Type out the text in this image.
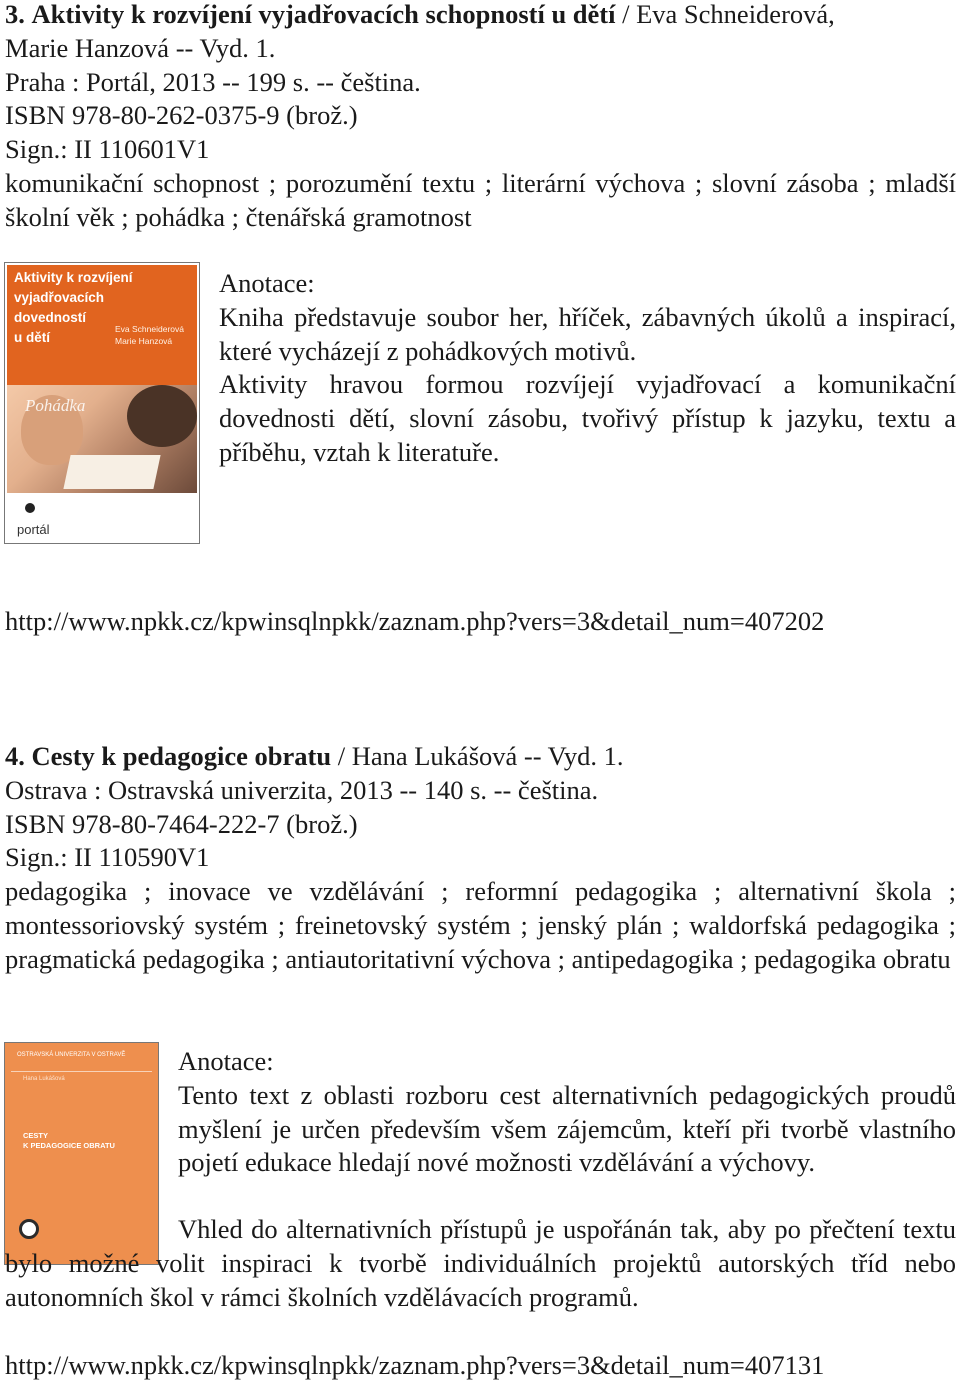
3. Aktivity k rozvíjení vyjadřovacích schopností u dětí / Eva Schneiderová,
Marie Hanzová -- Vyd. 1.
Praha : Portál, 2013 -- 199 s. -- čeština.
ISBN 978-80-262-0375-9 (brož.)
Sign.: II 110601V1
komunikační schopnost ; porozumění textu ; literární výchova ; slovní zásoba ; mladší školní věk ; pohádka ; čtenářská gramotnost
Aktivity k rozvíjení
vyjadřovacích
dovedností
u dětí
Eva Schneiderová
Marie Hanzová
Pohádka
portál
Anotace:
Kniha představuje soubor her, hříček, zábavných úkolů a inspirací, které vycházejí z pohádkových motivů.
Aktivity hravou formou rozvíjejí vyjadřovací a komunikační dovednosti dětí, slovní zásobu, tvořivý přístup k jazyku, textu a příběhu, vztah k literatuře.
http://www.npkk.cz/kpwinsqlnpkk/zaznam.php?vers=3&detail_num=407202
4. Cesty k pedagogice obratu / Hana Lukášová -- Vyd. 1.
Ostrava : Ostravská univerzita, 2013 -- 140 s. -- čeština.
ISBN 978-80-7464-222-7 (brož.)
Sign.: II 110590V1
pedagogika ; inovace ve vzdělávání ; reformní pedagogika ; alternativní škola ; montessoriovský systém ; freinetovský systém ; jenský plán ; waldorfská pedagogika ; pragmatická pedagogika ; antiautoritativní výchova ; antipedagogika ; pedagogika obratu
OSTRAVSKÁ UNIVERZITA V OSTRAVĚ
Hana Lukášová
CESTY
K PEDAGOGICE OBRATU
Anotace:
Tento text z oblasti rozboru cest alternativních pedagogických proudů myšlení je určen především všem zájemcům, kteří při tvorbě vlastního pojetí edukace hledají nové možnosti vzdělávání a výchovy.
Vhled do alternativních přístupů je uspořánán tak, aby po přečtení textu bylo možné volit inspiraci k tvorbě individuálních projektů autorských tříd nebo autonomních škol v rámci školních vzdělávacích programů.
http://www.npkk.cz/kpwinsqlnpkk/zaznam.php?vers=3&detail_num=407131
